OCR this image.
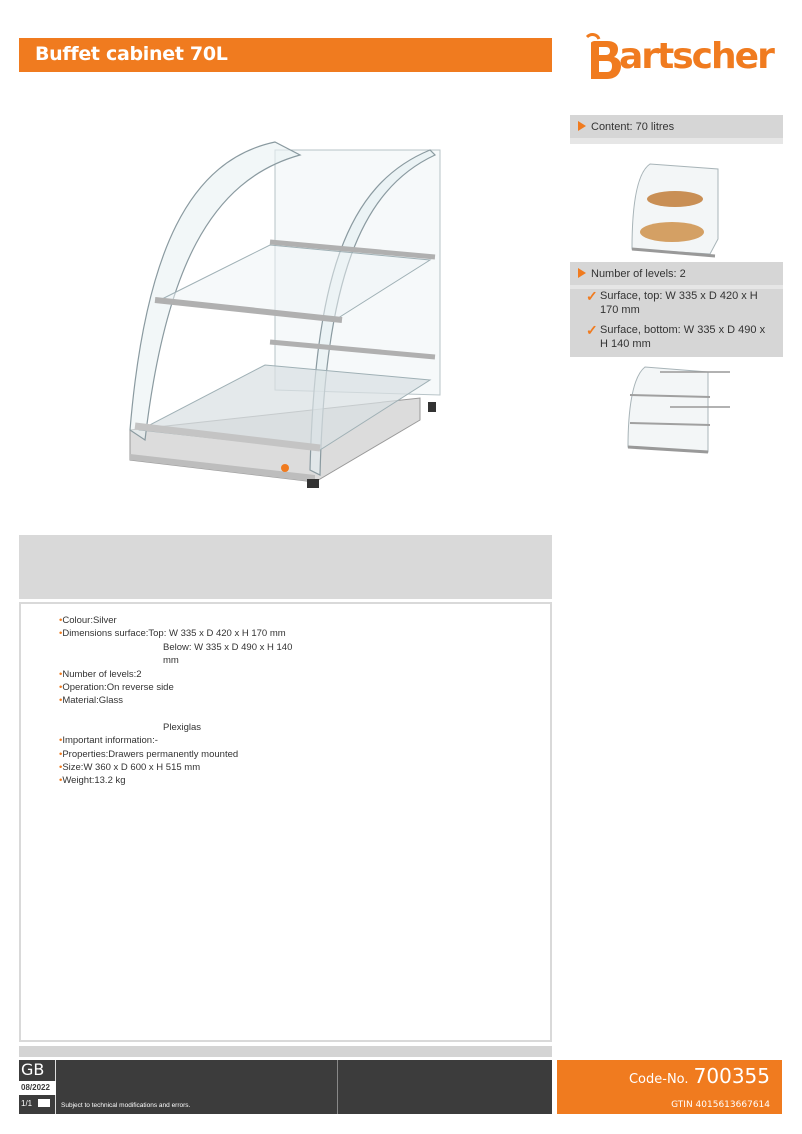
Buffet cabinet 70L	artscher
Content: 70 litres
Number of levels: 2
✓ Surface, top: W 335 x D 420 x H 170 mm
✓ Surface, bottom: W 335 x D 490 x H 140 mm
•Colour:Silver
•Dimensions surface:Top: W 335 x D 420 x H 170 mm
Below: W 335 x D 490 x H 140
mm
•Number of levels:2
•Operation:On reverse side
•Material:Glass
Plexiglas
•Important information:-
•Properties:Drawers permanently mounted
•Size:W 360 x D 600 x H 515 mm
•Weight:13.2 kg
GB
08/2022
1/1	Subject to technical modifications and errors.
Code-No. 700355
GTIN 4015613667614
